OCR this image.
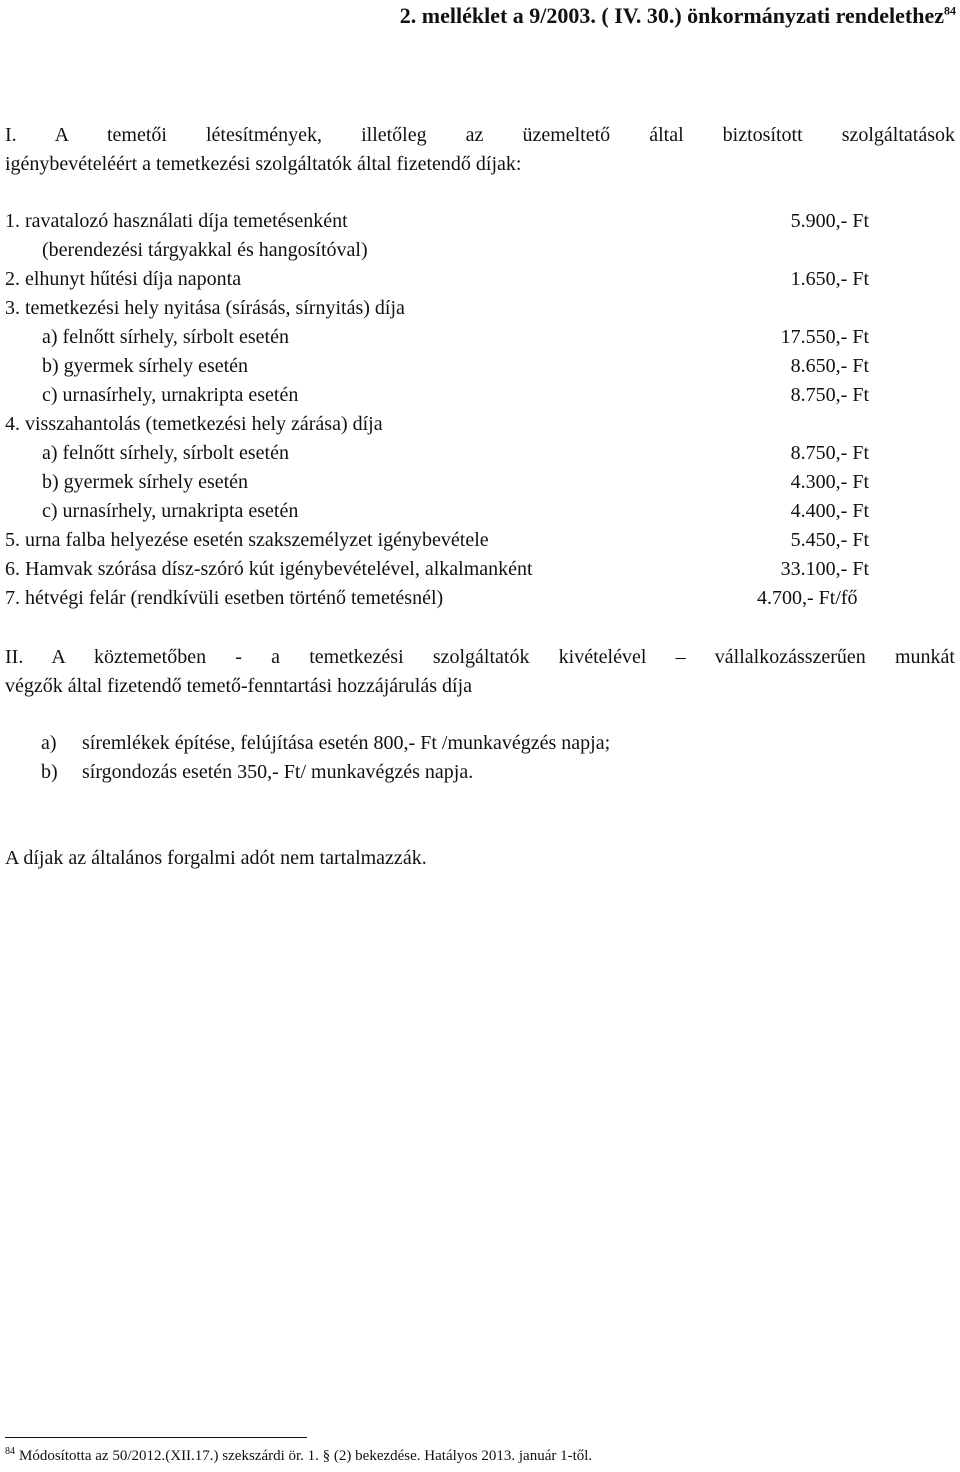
2. melléklet a 9/2003. ( IV. 30.) önkormányzati rendelethez$^{84}$
I. A temetői létesítmények, illetőleg az üzemeltető által biztosított szolgáltatások
igénybevételéért a temetkezési szolgáltatók által fizetendő díjak:
1. ravatalozó használati díja temetésenként	5.900,- Ft
(berendezési tárgyakkal és hangosítóval)
2. elhunyt hűtési díja naponta	1.650,- Ft
3. temetkezési hely nyitása (sírásás, sírnyitás) díja
a) felnőtt sírhely, sírbolt esetén	17.550,- Ft
b) gyermek sírhely esetén	8.650,- Ft
c) urnasírhely, urnakripta esetén	8.750,- Ft
4. visszahantolás (temetkezési hely zárása) díja
a) felnőtt sírhely, sírbolt esetén	8.750,- Ft
b) gyermek sírhely esetén	4.300,- Ft
c) urnasírhely, urnakripta esetén	4.400,- Ft
5. urna falba helyezése esetén szakszemélyzet igénybevétele	5.450,- Ft
6. Hamvak szórása dísz-szóró kút igénybevételével, alkalmanként	33.100,- Ft
7. hétvégi felár (rendkívüli esetben történő temetésnél)	4.700,- Ft/fő
II. A köztemetőben - a temetkezési szolgáltatók kivételével – vállalkozásszerűen munkát
végzők által fizetendő temető-fenntartási hozzájárulás díja
a) síremlékek építése, felújítása esetén 800,- Ft /munkavégzés napja;
b) sírgondozás esetén 350,- Ft/ munkavégzés napja.
A díjak az általános forgalmi adót nem tartalmazzák.
$^{84}$ Módosította az 50/2012.(XII.17.) szekszárdi ör. 1. § (2) bekezdése. Hatályos 2013. január 1-től.
